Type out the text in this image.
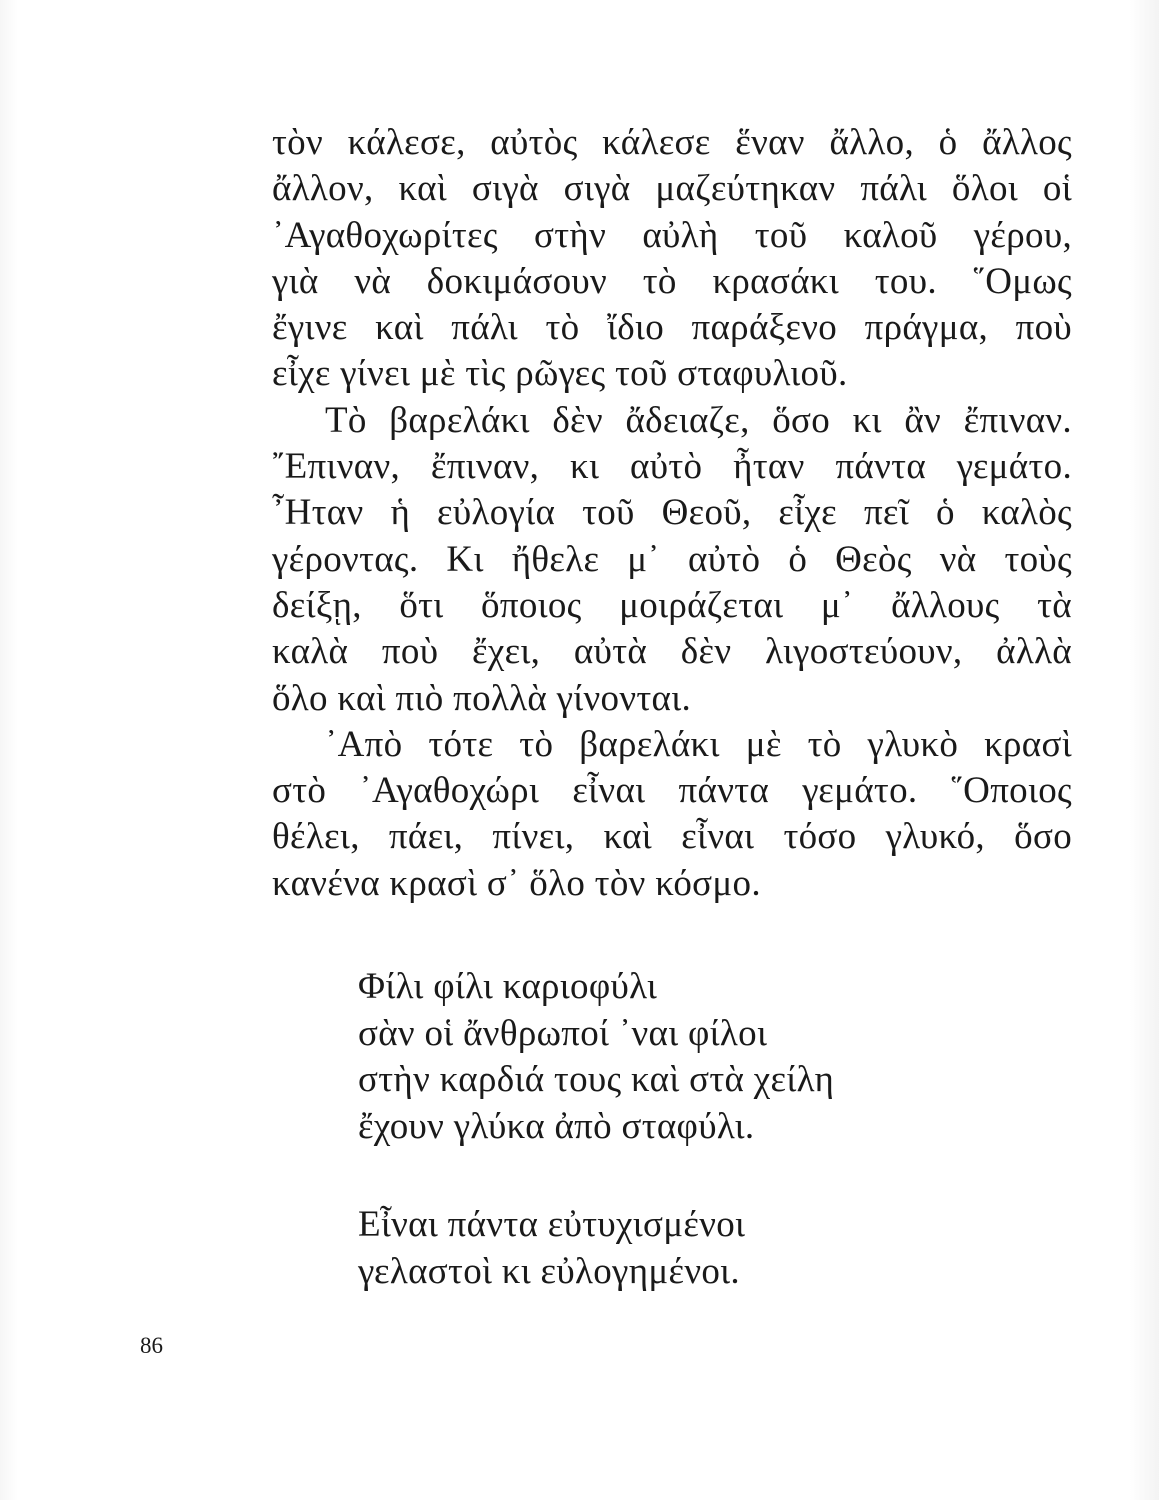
τὸν κάλεσε, αὐτὸς κάλεσε ἕναν ἄλλο, ὁ ἄλλος
ἄλλον, καὶ σιγὰ σιγὰ μαζεύτηκαν πάλι ὅλοι οἱ
᾿Αγαθοχωρίτες στὴν αὐλὴ τοῦ καλοῦ γέρου,
γιὰ νὰ δοκιμάσουν τὸ κρασάκι του. ῞Ομως
ἔγινε καὶ πάλι τὸ ἴδιο παράξενο πράγμα, ποὺ
εἶχε γίνει μὲ τὶς ρῶγες τοῦ σταφυλιοῦ.
Τὸ βαρελάκι δὲν ἄδειαζε, ὅσο κι ἂν ἔπιναν.
῎Επιναν, ἔπιναν, κι αὐτὸ ἦταν πάντα γεμάτο.
῏Ηταν ἡ εὐλογία τοῦ Θεοῦ, εἶχε πεῖ ὁ καλὸς
γέροντας. Κι ἤθελε μ᾿ αὐτὸ ὁ Θεὸς νὰ τοὺς
δείξῃ, ὅτι ὅποιος μοιράζεται μ᾿ ἄλλους τὰ
καλὰ ποὺ ἔχει, αὐτὰ δὲν λιγοστεύουν, ἀλλὰ
ὅλο καὶ πιὸ πολλὰ γίνονται.
᾿Απὸ τότε τὸ βαρελάκι μὲ τὸ γλυκὸ κρασὶ
στὸ ᾿Αγαθοχώρι εἶναι πάντα γεμάτο. ῞Οποιος
θέλει, πάει, πίνει, καὶ εἶναι τόσο γλυκό, ὅσο
κανένα κρασὶ σ᾿ ὅλο τὸν κόσμο.
Φίλι φίλι καριοφύλι
σὰν οἱ ἄνθρωποί ᾿ναι φίλοι
στὴν καρδιά τους καὶ στὰ χείλη
ἔχουν γλύκα ἀπὸ σταφύλι.
Εἶναι πάντα εὐτυχισμένοι
γελαστοὶ κι εὐλογημένοι.
86
